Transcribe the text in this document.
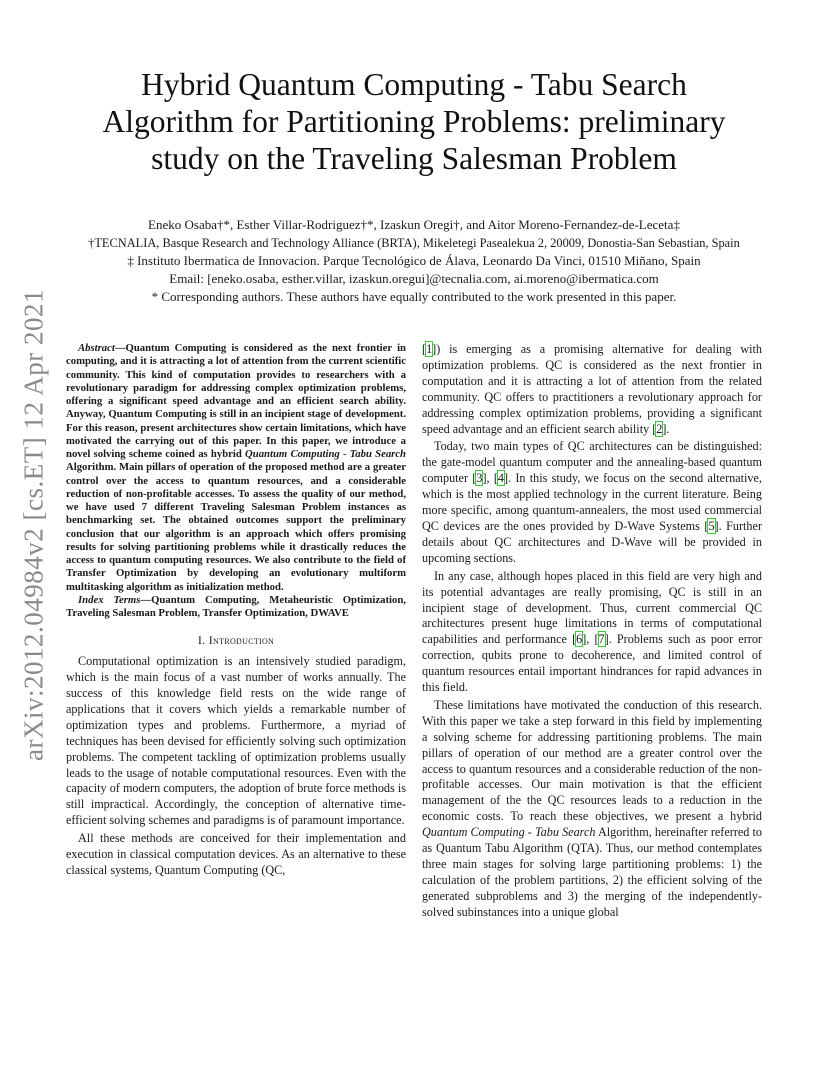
arXiv:2012.04984v2 [cs.ET] 12 Apr 2021
Hybrid Quantum Computing - Tabu Search
Algorithm for Partitioning Problems: preliminary
study on the Traveling Salesman Problem
Eneko Osaba†*, Esther Villar-Rodriguez†*, Izaskun Oregi†, and Aitor Moreno-Fernandez-de-Leceta‡
†TECNALIA, Basque Research and Technology Alliance (BRTA), Mikeletegi Pasealekua 2, 20009, Donostia-San Sebastian, Spain
‡ Instituto Ibermatica de Innovacion. Parque Tecnológico de Álava, Leonardo Da Vinci, 01510 Miñano, Spain
Email: [eneko.osaba, esther.villar, izaskun.oregui]@tecnalia.com, ai.moreno@ibermatica.com
* Corresponding authors. These authors have equally contributed to the work presented in this paper.

Abstract—Quantum Computing is considered as the next frontier in computing, and it is attracting a lot of attention from the current scientific community. This kind of computation provides to researchers with a revolutionary paradigm for addressing complex optimization problems, offering a significant speed advantage and an efficient search ability. Anyway, Quantum Computing is still in an incipient stage of development. For this reason, present architectures show certain limitations, which have motivated the carrying out of this paper. In this paper, we introduce a novel solving scheme coined as hybrid Quantum Computing - Tabu Search Algorithm. Main pillars of operation of the proposed method are a greater control over the access to quantum resources, and a considerable reduction of non-profitable accesses. To assess the quality of our method, we have used 7 different Traveling Salesman Problem instances as benchmarking set. The obtained outcomes support the preliminary conclusion that our algorithm is an approach which offers promising results for solving partitioning problems while it drastically reduces the access to quantum computing resources. We also contribute to the field of Transfer Optimization by developing an evolutionary multiform multitasking algorithm as initialization method.

Index Terms—Quantum Computing, Metaheuristic Optimization, Traveling Salesman Problem, Transfer Optimization, DWAVE

I. Introduction

Computational optimization is an intensively studied paradigm, which is the main focus of a vast number of works annually. The success of this knowledge field rests on the wide range of applications that it covers which yields a remarkable number of optimization types and problems. Furthermore, a myriad of techniques has been devised for efficiently solving such optimization problems. The competent tackling of optimization problems usually leads to the usage of notable computational resources. Even with the capacity of modern computers, the adoption of brute force methods is still impractical. Accordingly, the conception of alternative time-efficient solving schemes and paradigms is of paramount importance.

All these methods are conceived for their implementation and execution in classical computation devices. As an alternative to these classical systems, Quantum Computing (QC,

[1]) is emerging as a promising alternative for dealing with optimization problems. QC is considered as the next frontier in computation and it is attracting a lot of attention from the related community. QC offers to practitioners a revolutionary approach for addressing complex optimization problems, providing a significant speed advantage and an efficient search ability [2].

Today, two main types of QC architectures can be distinguished: the gate-model quantum computer and the annealing-based quantum computer [3], [4]. In this study, we focus on the second alternative, which is the most applied technology in the current literature. Being more specific, among quantum-annealers, the most used commercial QC devices are the ones provided by D-Wave Systems [5]. Further details about QC architectures and D-Wave will be provided in upcoming sections.

In any case, although hopes placed in this field are very high and its potential advantages are really promising, QC is still in an incipient stage of development. Thus, current commercial QC architectures present huge limitations in terms of computational capabilities and performance [6], [7]. Problems such as poor error correction, qubits prone to decoherence, and limited control of quantum resources entail important hindrances for rapid advances in this field.

These limitations have motivated the conduction of this research. With this paper we take a step forward in this field by implementing a solving scheme for addressing partitioning problems. The main pillars of operation of our method are a greater control over the access to quantum resources and a considerable reduction of the non-profitable accesses. Our main motivation is that the efficient management of the the QC resources leads to a reduction in the economic costs. To reach these objectives, we present a hybrid Quantum Computing - Tabu Search Algorithm, hereinafter referred to as Quantum Tabu Algorithm (QTA). Thus, our method contemplates three main stages for solving large partitioning problems: 1) the calculation of the problem partitions, 2) the efficient solving of the generated subproblems and 3) the merging of the independently-solved subinstances into a unique global
